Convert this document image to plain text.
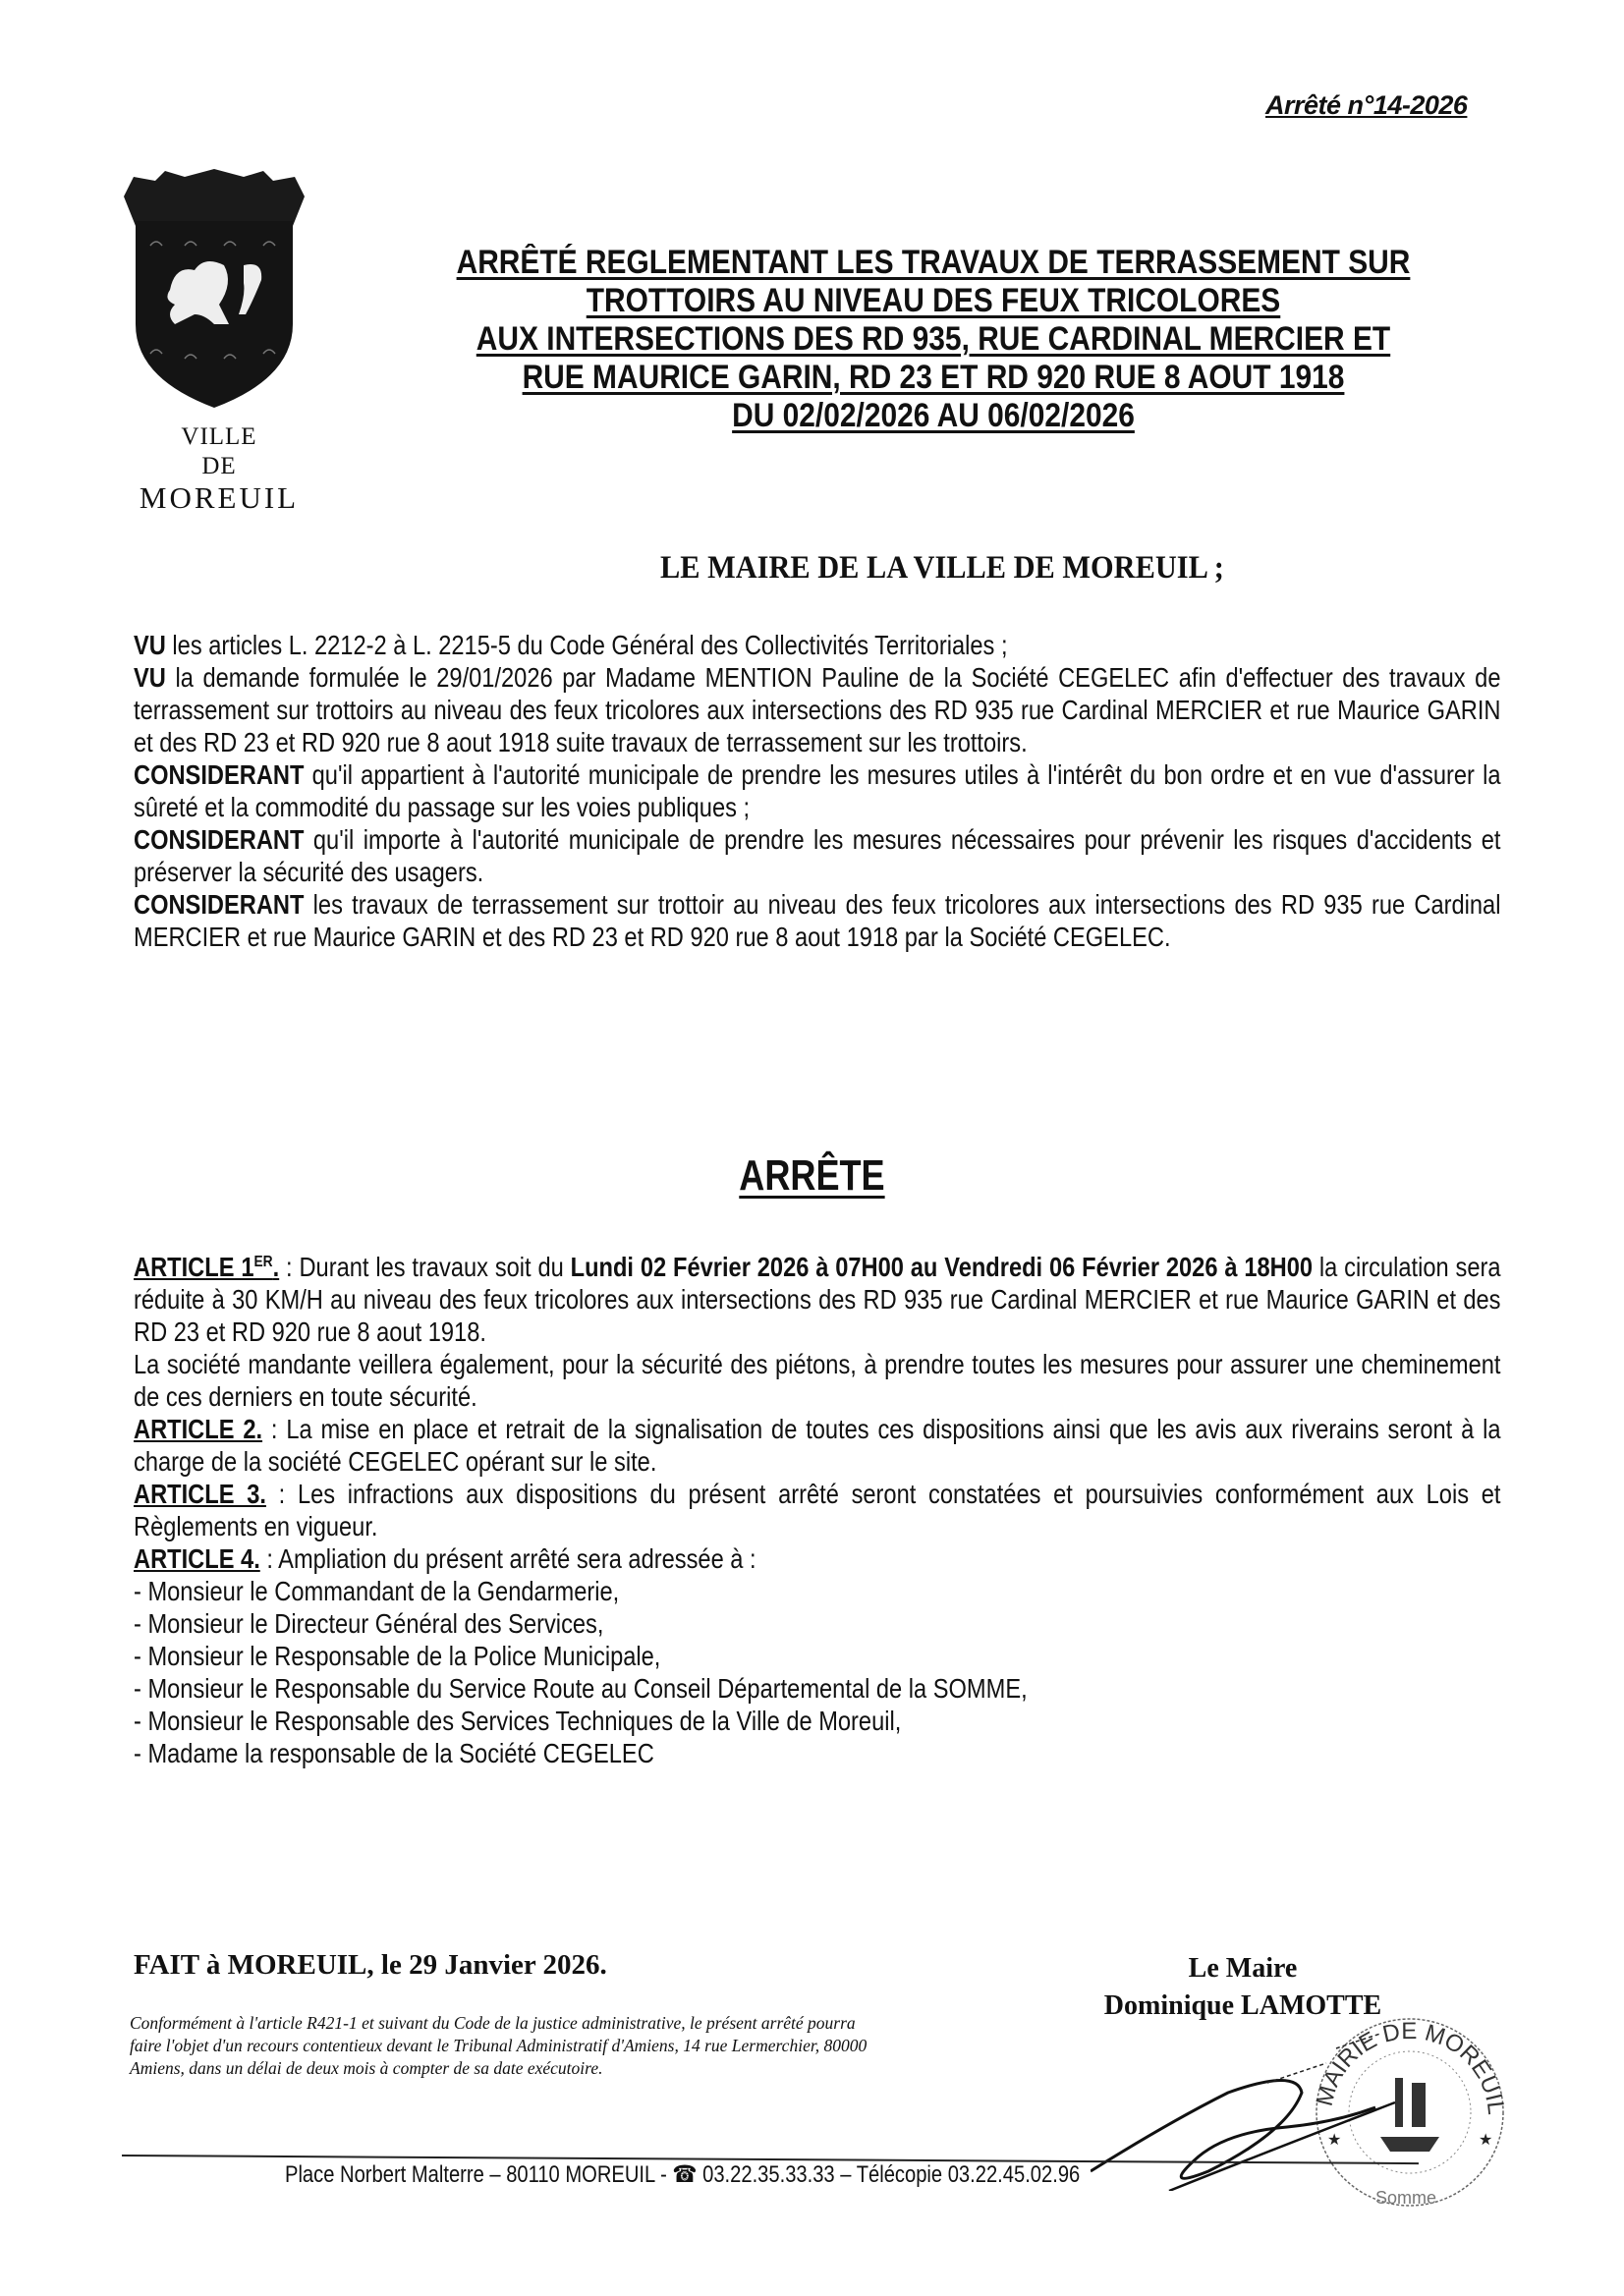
Arrêté n°14-2026
VILLE
DE
MOREUIL
ARRÊTÉ REGLEMENTANT LES TRAVAUX DE TERRASSEMENT SUR
TROTTOIRS AU NIVEAU DES FEUX TRICOLORES
AUX INTERSECTIONS DES RD 935, RUE CARDINAL MERCIER ET
RUE MAURICE GARIN, RD 23 ET RD 920 RUE 8 AOUT 1918
DU 02/02/2026 AU 06/02/2026
LE MAIRE DE LA VILLE DE MOREUIL ;

VU les articles L. 2212-2 à L. 2215-5 du Code Général des Collectivités Territoriales ;

VU la demande formulée le 29/01/2026 par Madame MENTION Pauline de la Société CEGELEC afin d'effectuer des travaux de terrassement sur trottoirs au niveau des feux tricolores aux intersections des RD 935 rue Cardinal MERCIER et rue Maurice GARIN et des RD 23 et RD 920 rue 8 aout 1918 suite travaux de terrassement sur les trottoirs.

CONSIDERANT qu'il appartient à l'autorité municipale de prendre les mesures utiles à l'intérêt du bon ordre et en vue d'assurer la sûreté et la commodité du passage sur les voies publiques ;

CONSIDERANT qu'il importe à l'autorité municipale de prendre les mesures nécessaires pour prévenir les risques d'accidents et préserver la sécurité des usagers.

CONSIDERANT les travaux de terrassement sur trottoir au niveau des feux tricolores aux intersections des RD 935 rue Cardinal MERCIER et rue Maurice GARIN et des RD 23 et RD 920 rue 8 aout 1918 par la Société CEGELEC.

ARRÊTE

ARTICLE 1ER. : Durant les travaux soit du Lundi 02 Février 2026 à 07H00 au Vendredi 06 Février 2026 à 18H00 la circulation sera réduite à 30 KM/H au niveau des feux tricolores aux intersections des RD 935 rue Cardinal MERCIER et rue Maurice GARIN et des RD 23 et RD 920 rue 8 aout 1918.

La société mandante veillera également, pour la sécurité des piétons, à prendre toutes les mesures pour assurer une cheminement de ces derniers en toute sécurité.

ARTICLE 2. : La mise en place et retrait de la signalisation de toutes ces dispositions ainsi que les avis aux riverains seront à la charge de la société CEGELEC opérant sur le site.

ARTICLE 3. : Les infractions aux dispositions du présent arrêté seront constatées et poursuivies conformément aux Lois et Règlements en vigueur.

ARTICLE 4. : Ampliation du présent arrêté sera adressée à :

- Monsieur le Commandant de la Gendarmerie,

- Monsieur le Directeur Général des Services,

- Monsieur le Responsable de la Police Municipale,

- Monsieur le Responsable du Service Route au Conseil Départemental de la SOMME,

- Monsieur le Responsable des Services Techniques de la Ville de Moreuil,

- Madame la responsable de la Société CEGELEC

FAIT à MOREUIL, le 29 Janvier 2026.	Le Maire
Dominique LAMOTTE
Conformément à l'article R421-1 et suivant du Code de la justice administrative, le présent arrêté pourra faire l'objet d'un recours contentieux devant le Tribunal Administratif d'Amiens, 14 rue Lermerchier, 80000 Amiens, dans un délai de deux mois à compter de sa date exécutoire.
MAIRIE DE MOREUIL
Somme
★	★
Place Norbert Malterre – 80110 MOREUIL - ☎ 03.22.35.33.33 – Télécopie 03.22.45.02.96
